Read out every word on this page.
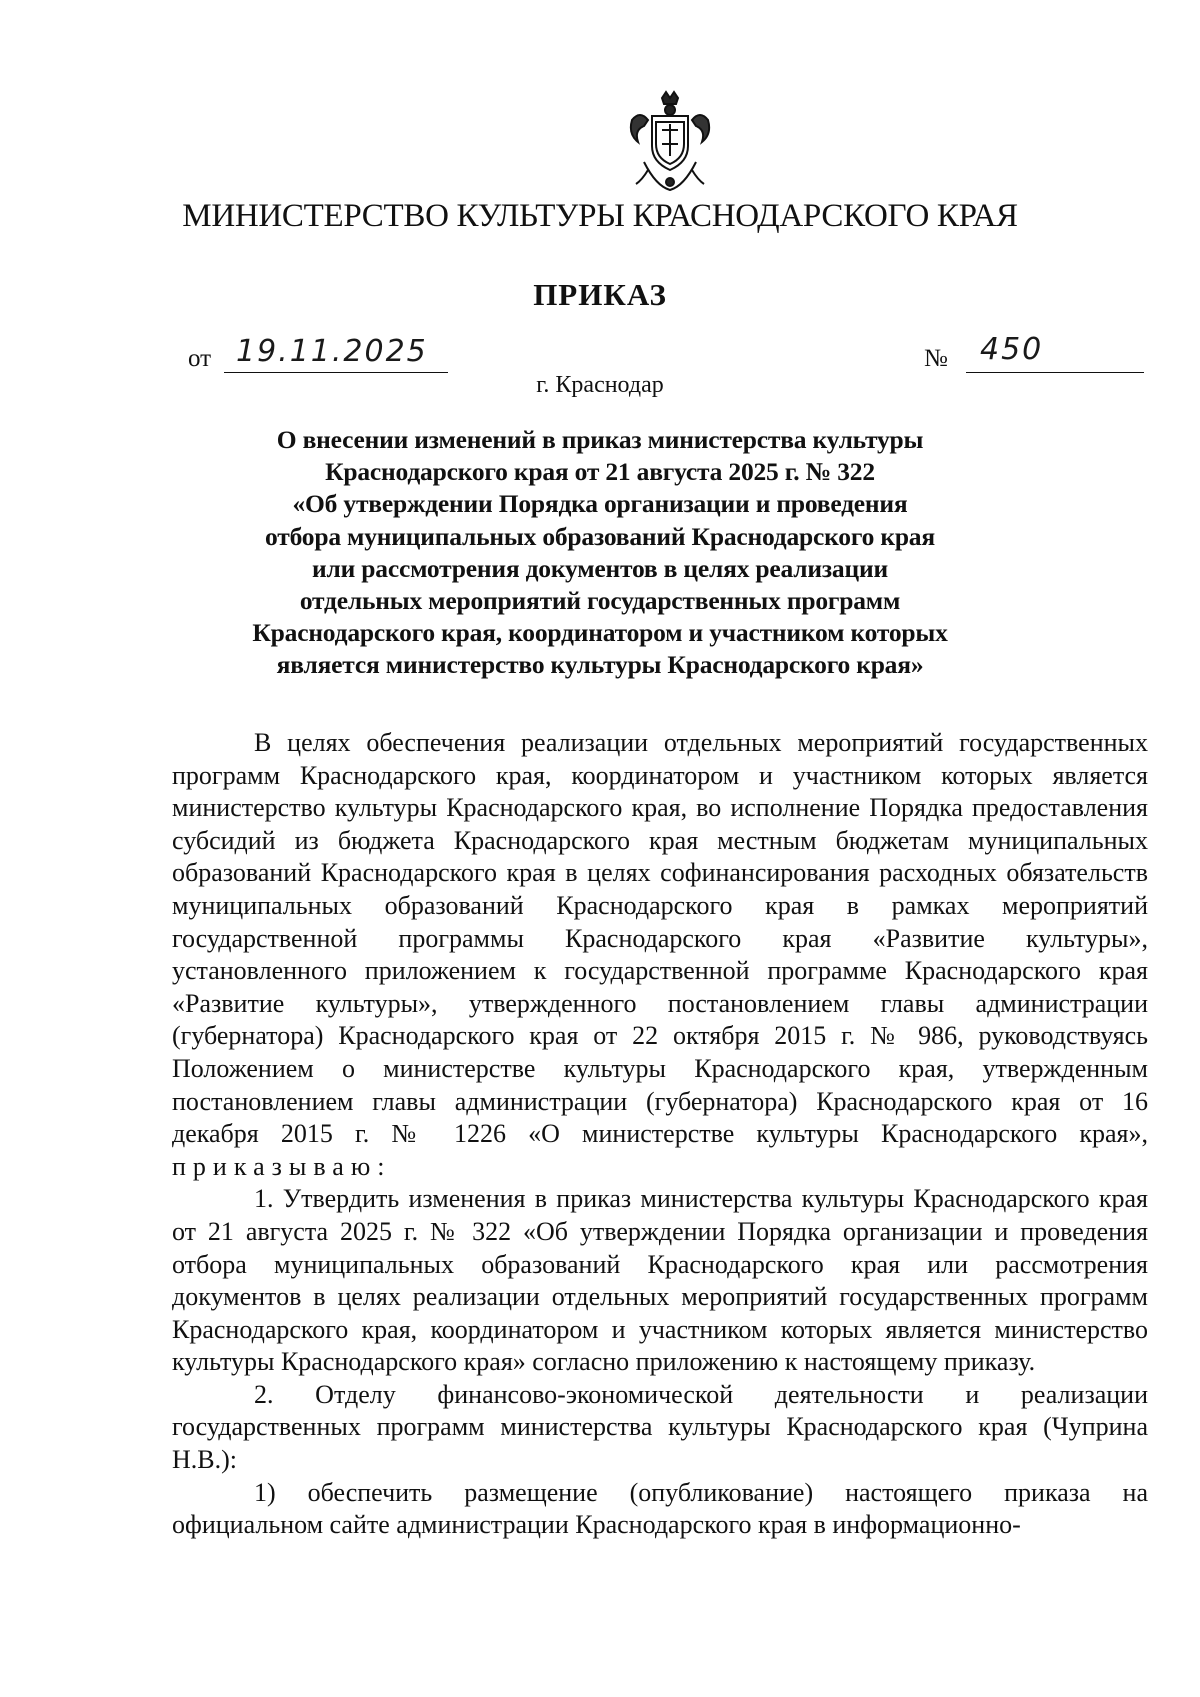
МИНИСТЕРСТВО КУЛЬТУРЫ КРАСНОДАРСКОГО КРАЯ
ПРИКАЗ
от 19.11.2025	№ 450
г. Краснодар
О внесении изменений в приказ министерства культуры
Краснодарского края от 21 августа 2025 г. № 322
«Об утверждении Порядка организации и проведения
отбора муниципальных образований Краснодарского края
или рассмотрения документов в целях реализации
отдельных мероприятий государственных программ
Краснодарского края, координатором и участником которых
является министерство культуры Краснодарского края»

В целях обеспечения реализации отдельных мероприятий государственных программ Краснодарского края, координатором и участником которых является министерство культуры Краснодарского края, во исполнение Порядка предоставления субсидий из бюджета Краснодарского края местным бюджетам муниципальных образований Краснодарского края в целях софинансирования расходных обязательств муниципальных образований Краснодарского края в рамках мероприятий государственной программы Краснодарского края «Развитие культуры», установленного приложением к государственной программе Краснодарского края «Развитие культуры», утвержденного постановлением главы администрации (губернатора) Краснодарского края от 22 октября 2015 г. № 986, руководствуясь Положением о министерстве культуры Краснодарского края, утвержденным постановлением главы администрации (губернатора) Краснодарского края от 16 декабря 2015 г. № 1226 «О министерстве культуры Краснодарского края», приказываю:

1. Утвердить изменения в приказ министерства культуры Краснодарского края от 21 августа 2025 г. № 322 «Об утверждении Порядка организации и проведения отбора муниципальных образований Краснодарского края или рассмотрения документов в целях реализации отдельных мероприятий государственных программ Краснодарского края, координатором и участником которых является министерство культуры Краснодарского края» согласно приложению к настоящему приказу.

2. Отделу финансово-экономической деятельности и реализации государственных программ министерства культуры Краснодарского края (Чуприна Н.В.):

1) обеспечить размещение (опубликование) настоящего приказа на официальном сайте администрации Краснодарского края в информационно-
